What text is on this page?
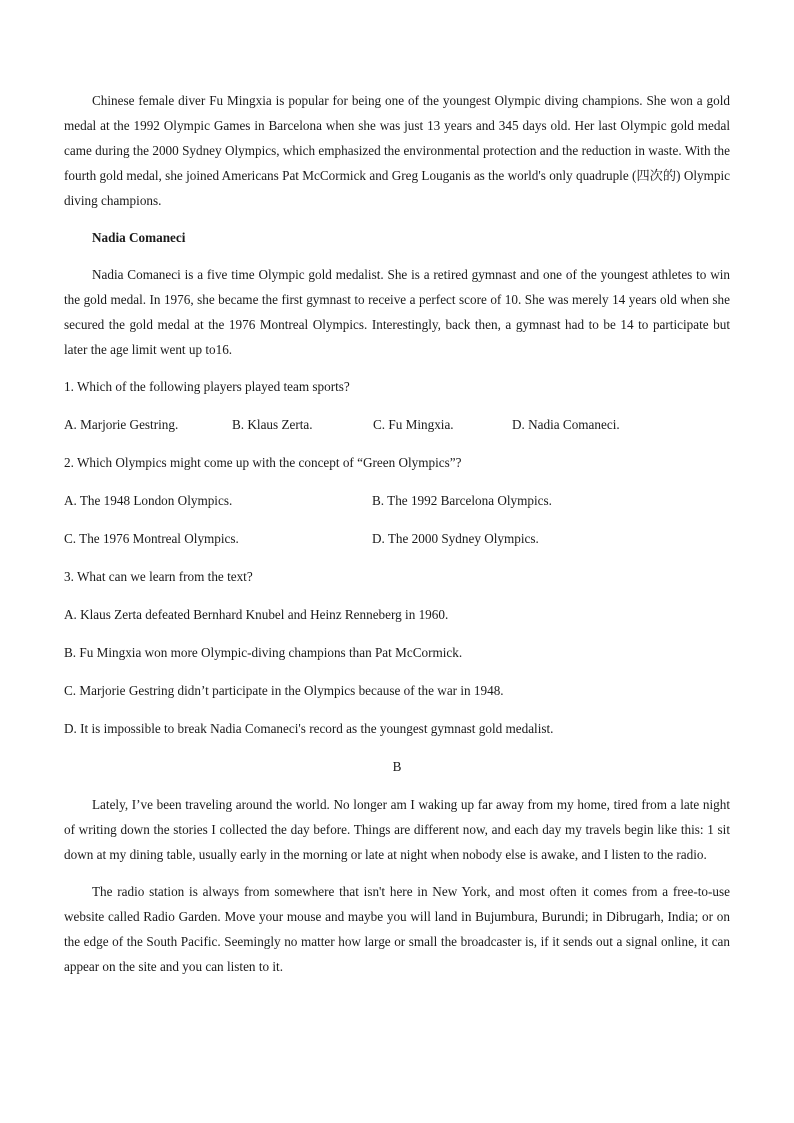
Chinese female diver Fu Mingxia is popular for being one of the youngest Olympic diving champions. She won a gold medal at the 1992 Olympic Games in Barcelona when she was just 13 years and 345 days old. Her last Olympic gold medal came during the 2000 Sydney Olympics, which emphasized the environmental protection and the reduction in waste. With the fourth gold medal, she joined Americans Pat McCormick and Greg Louganis as the world's only quadruple (四次的) Olympic diving champions.

Nadia Comaneci

Nadia Comaneci is a five time Olympic gold medalist. She is a retired gymnast and one of the youngest athletes to win the gold medal. In 1976, she became the first gymnast to receive a perfect score of 10. She was merely 14 years old when she secured the gold medal at the 1976 Montreal Olympics. Interestingly, back then, a gymnast had to be 14 to participate but later the age limit went up to16.

1. Which of the following players played team sports?

A. Marjorie Gestring.	B. Klaus Zerta.	C. Fu Mingxia.	D. Nadia Comaneci.

2. Which Olympics might come up with the concept of “Green Olympics”?

A. The 1948 London Olympics.	B. The 1992 Barcelona Olympics.
C. The 1976 Montreal Olympics.	D. The 2000 Sydney Olympics.

3. What can we learn from the text?

A. Klaus Zerta defeated Bernhard Knubel and Heinz Renneberg in 1960.

B. Fu Mingxia won more Olympic-diving champions than Pat McCormick.

C. Marjorie Gestring didn’t participate in the Olympics because of the war in 1948.

D. It is impossible to break Nadia Comaneci's record as the youngest gymnast gold medalist.

B

Lately, I’ve been traveling around the world. No longer am I waking up far away from my home, tired from a late night of writing down the stories I collected the day before. Things are different now, and each day my travels begin like this: 1 sit down at my dining table, usually early in the morning or late at night when nobody else is awake, and I listen to the radio.

The radio station is always from somewhere that isn't here in New York, and most often it comes from a free-to-use website called Radio Garden. Move your mouse and maybe you will land in Bujumbura, Burundi; in Dibrugarh, India; or on the edge of the South Pacific. Seemingly no matter how large or small the broadcaster is, if it sends out a signal online, it can appear on the site and you can listen to it.
